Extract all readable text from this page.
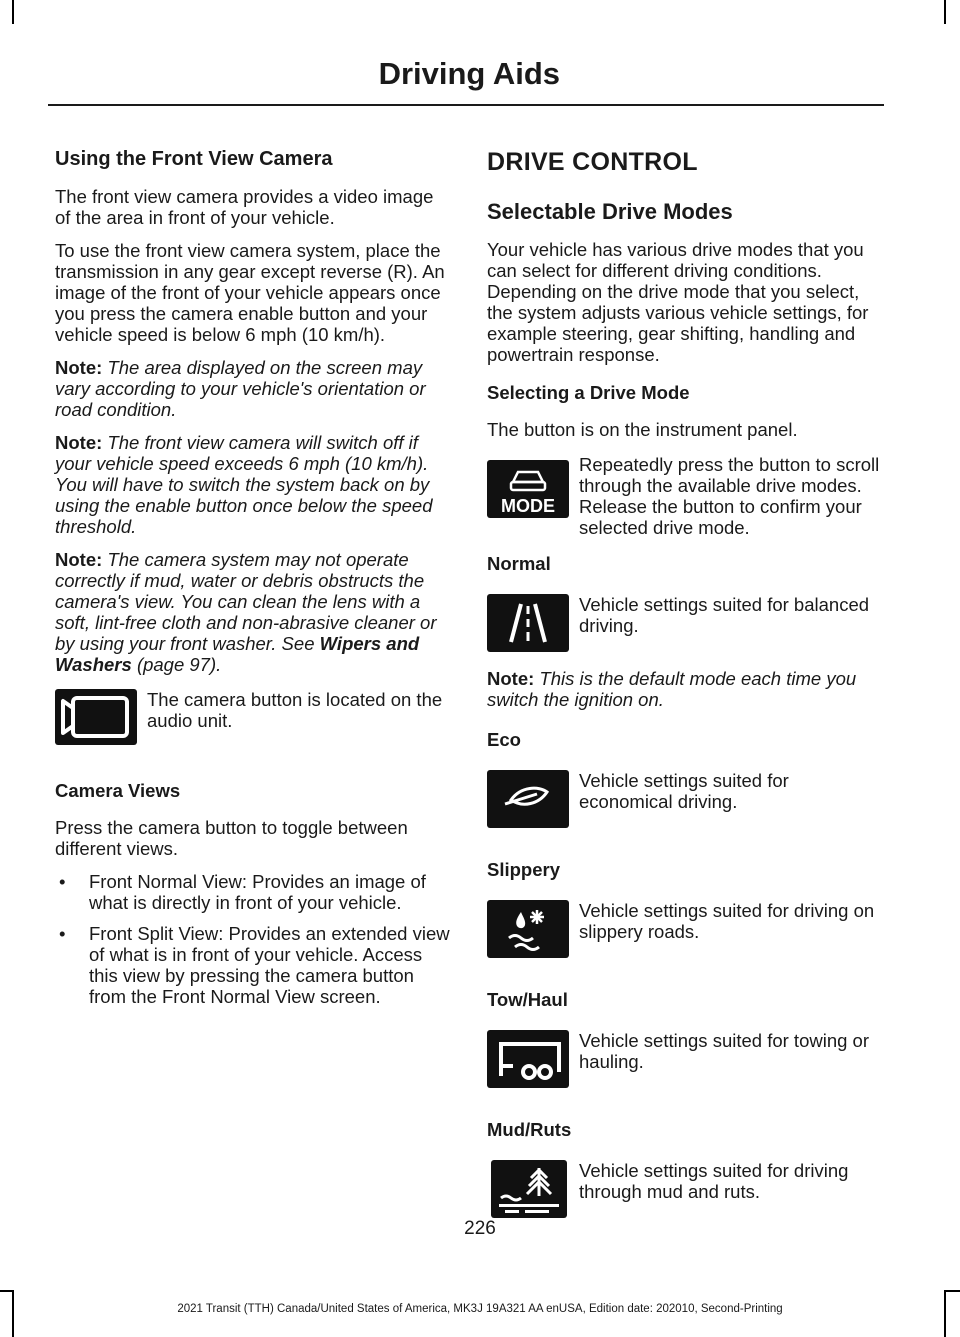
Driving Aids
Using the Front View Camera

The front view camera provides a video image of the area in front of your vehicle.

To use the front view camera system, place the transmission in any gear except reverse (R). An image of the front of your vehicle appears once you press the camera enable button and your vehicle speed is below 6 mph (10 km/h).

Note: The area displayed on the screen may vary according to your vehicle's orientation or road condition.

Note: The front view camera will switch off if your vehicle speed exceeds 6 mph (10 km/h). You will have to switch the system back on by using the enable button once below the speed threshold.

Note: The camera system may not operate correctly if mud, water or debris obstructs the camera's view. You can clean the lens with a soft, lint-free cloth and non-abrasive cleaner or by using your front washer. See Wipers and Washers (page 97).

The camera button is located on the audio unit.
Camera Views

Press the camera button to toggle between different views.

• Front Normal View: Provides an image of what is directly in front of your vehicle.
• Front Split View: Provides an extended view of what is in front of your vehicle. Access this view by pressing the camera button from the Front Normal View screen.
DRIVE CONTROL
Selectable Drive Modes

Your vehicle has various drive modes that you can select for different driving conditions. Depending on the drive mode that you select, the system adjusts various vehicle settings, for example steering, gear shifting, handling and powertrain response.

Selecting a Drive Mode

The button is on the instrument panel.

MODE
Repeatedly press the button to scroll through the available drive modes. Release the button to confirm your selected drive mode.
Normal
Vehicle settings suited for balanced driving.

Note: This is the default mode each time you switch the ignition on.

Eco
Vehicle settings suited for economical driving.
Slippery
Vehicle settings suited for driving on slippery roads.
Tow/Haul
Vehicle settings suited for towing or hauling.
Mud/Ruts
Vehicle settings suited for driving through mud and ruts.
226
2021 Transit (TTH) Canada/United States of America, MK3J 19A321 AA enUSA, Edition date: 202010, Second-Printing
